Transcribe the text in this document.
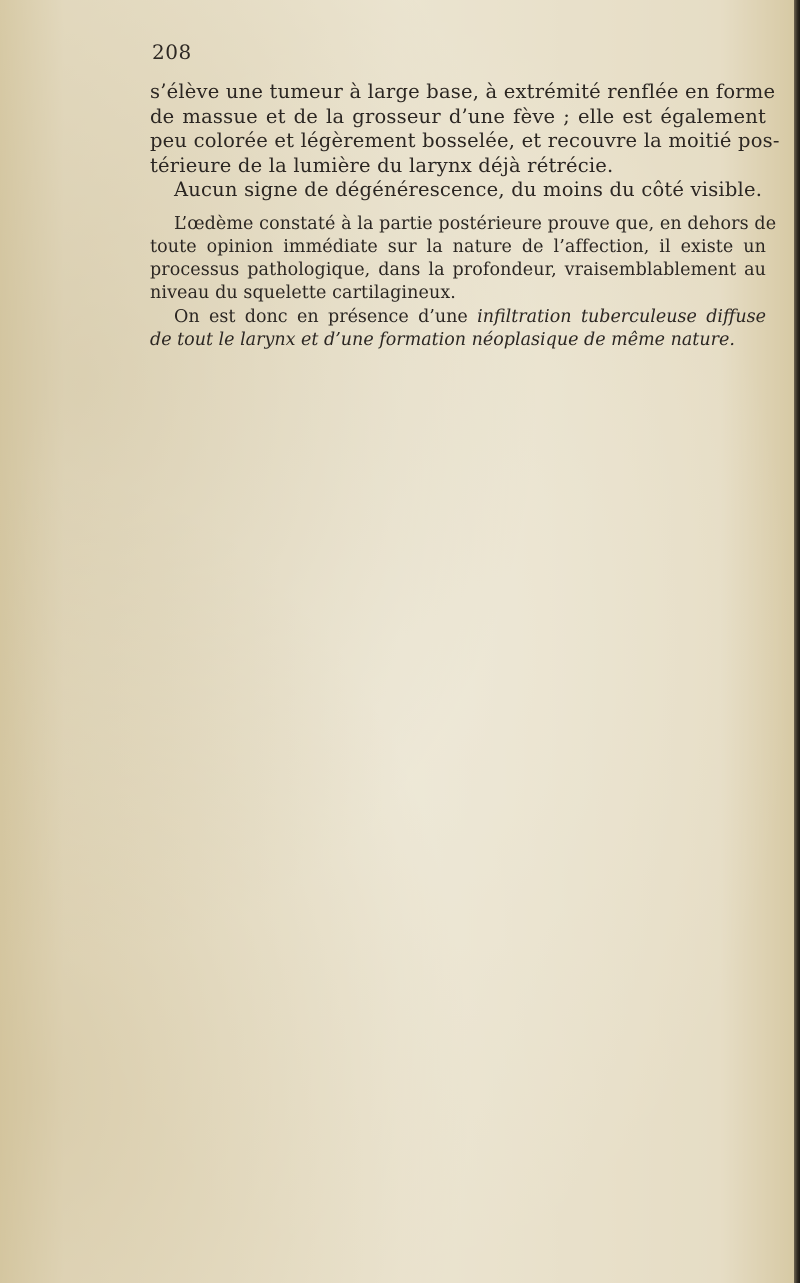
208
s’élève une tumeur à large base, à extrémité renflée en forme
de massue et de la grosseur d’une fève ; elle est également
peu colorée et légèrement bosselée, et recouvre la moitié pos-
térieure de la lumière du larynx déjà rétrécie.
Aucun signe de dégénérescence, du moins du côté visible.
L’œdème constaté à la partie postérieure prouve que, en dehors de
toute opinion immédiate sur la nature de l’affection, il existe un
processus pathologique, dans la profondeur, vraisemblablement au
niveau du squelette cartilagineux.
On est donc en présence d’une infiltration tuberculeuse diffuse
de tout le larynx et d’une formation néoplasique de même nature.
